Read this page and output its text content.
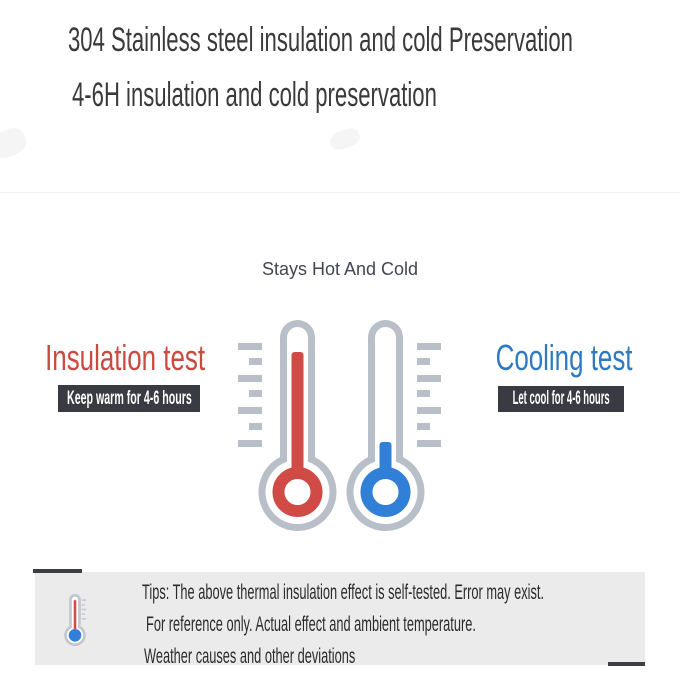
304 Stainless steel insulation and cold Preservation
4-6H insulation and cold preservation
Stays Hot And Cold
Insulation test
Keep warm for 4-6 hours
Cooling test
Let cool for 4-6 hours
Tips: The above thermal insulation effect is self-tested. Error may exist.
For reference only. Actual effect and ambient temperature.
Weather causes and other deviations
